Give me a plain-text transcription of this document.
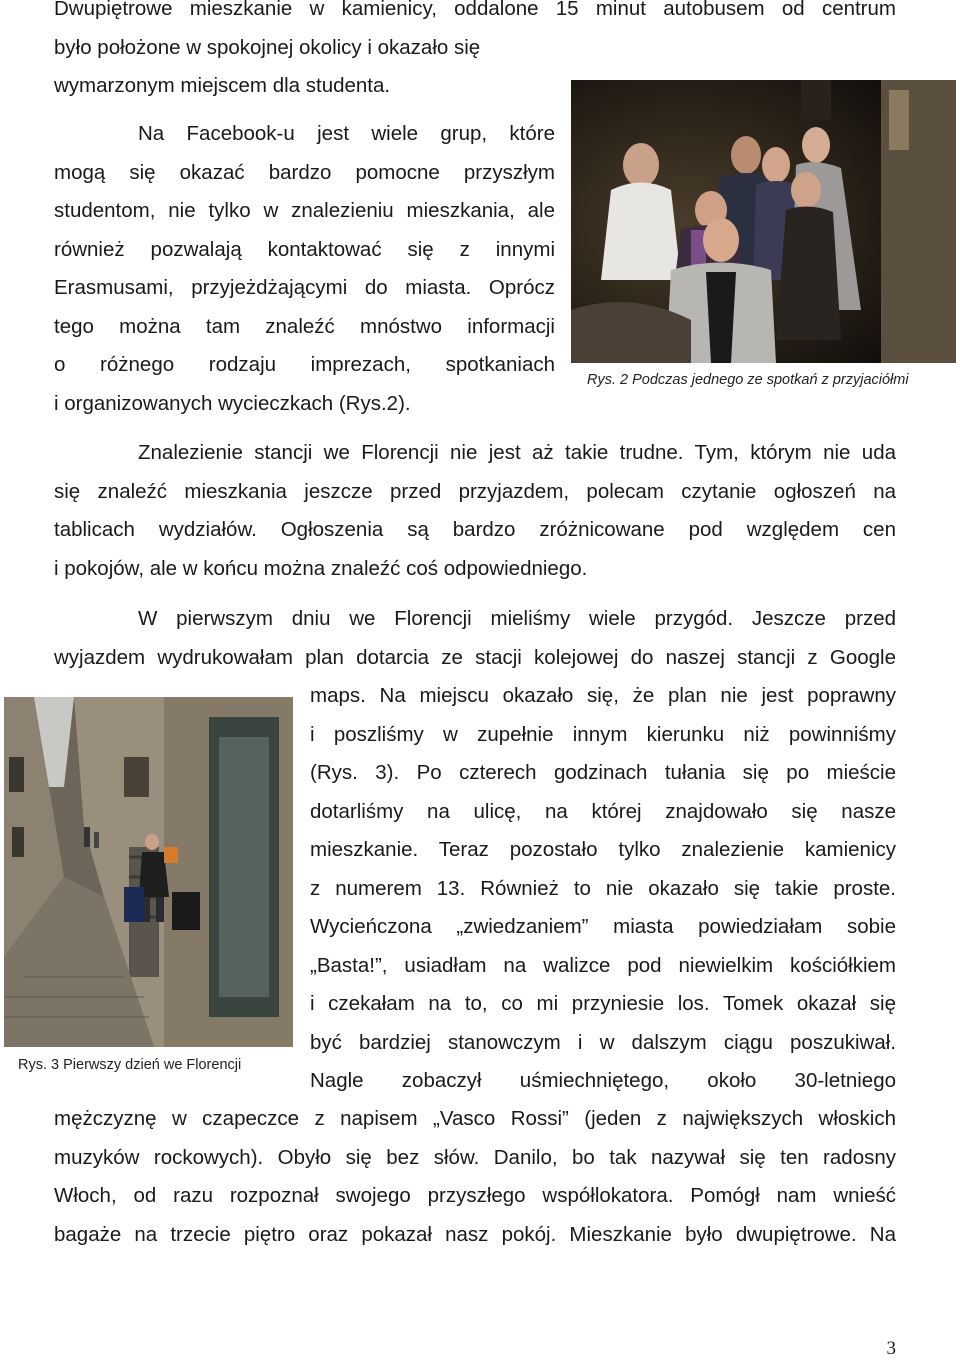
Dwupiętrowe mieszkanie w kamienicy, oddalone 15 minut autobusem od centrum
było położone w spokojnej okolicy i okazało się
wymarzonym miejscem dla studenta.
Na Facebook-u jest wiele grup, które
mogą się okazać bardzo pomocne przyszłym
studentom, nie tylko w znalezieniu mieszkania, ale
również pozwalają kontaktować się z innymi
Erasmusami, przyjeżdżającymi do miasta. Oprócz
tego można tam znaleźć mnóstwo informacji
o różnego rodzaju imprezach, spotkaniach
i organizowanych wycieczkach (Rys.2).
Rys. 2 Podczas jednego ze spotkań z przyjaciółmi
Znalezienie stancji we Florencji nie jest aż takie trudne. Tym, którym nie uda
się znaleźć mieszkania jeszcze przed przyjazdem, polecam czytanie ogłoszeń na
tablicach wydziałów. Ogłoszenia są bardzo zróżnicowane pod względem cen
i pokojów, ale w końcu można znaleźć coś odpowiedniego.
W pierwszym dniu we Florencji mieliśmy wiele przygód. Jeszcze przed
wyjazdem wydrukowałam plan dotarcia ze stacji kolejowej do naszej stancji z Google
Rys. 3 Pierwszy dzień we Florencji
maps. Na miejscu okazało się, że plan nie jest poprawny
i poszliśmy w zupełnie innym kierunku niż powinniśmy
(Rys. 3). Po czterech godzinach tułania się po mieście
dotarliśmy na ulicę, na której znajdowało się nasze
mieszkanie. Teraz pozostało tylko znalezienie kamienicy
z numerem 13. Również to nie okazało się takie proste.
Wycieńczona „zwiedzaniem” miasta powiedziałam sobie
„Basta!”, usiadłam na walizce pod niewielkim kościółkiem
i czekałam na to, co mi przyniesie los. Tomek okazał się
być bardziej stanowczym i w dalszym ciągu poszukiwał.
Nagle zobaczył uśmiechniętego, około 30-letniego
mężczyznę w czapeczce z napisem „Vasco Rossi” (jeden z największych włoskich
muzyków rockowych). Obyło się bez słów. Danilo, bo tak nazywał się ten radosny
Włoch, od razu rozpoznał swojego przyszłego współlokatora. Pomógł nam wnieść
bagaże na trzecie piętro oraz pokazał nasz pokój. Mieszkanie było dwupiętrowe. Na
3
